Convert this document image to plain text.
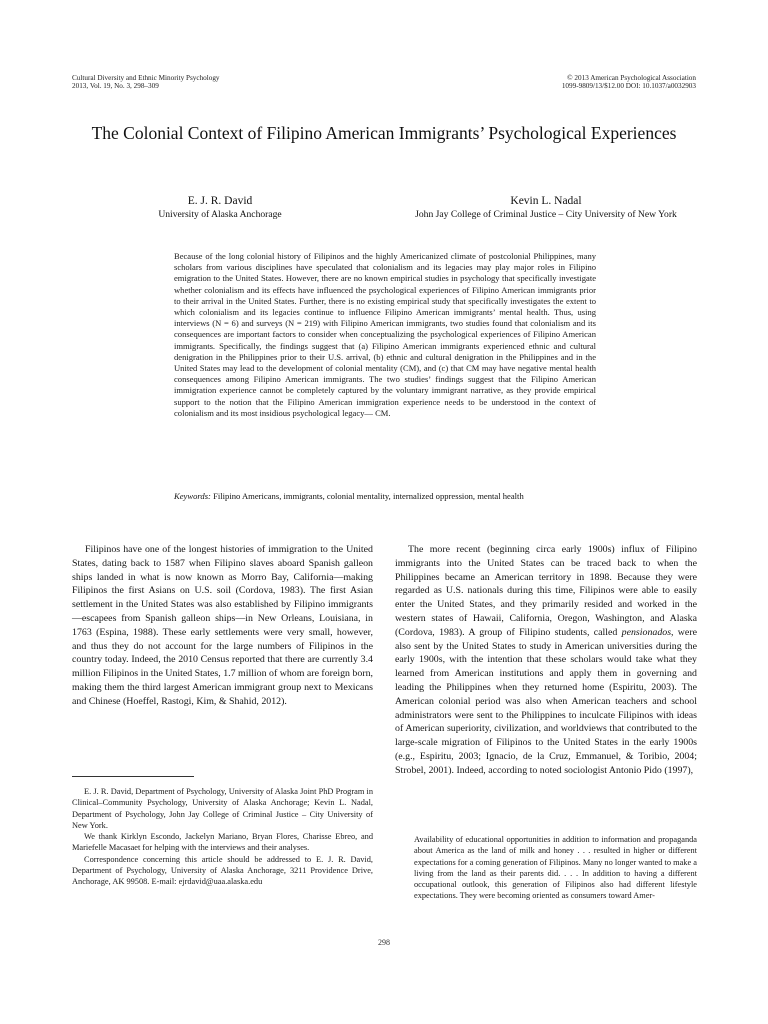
Cultural Diversity and Ethnic Minority Psychology
2013, Vol. 19, No. 3, 298–309
© 2013 American Psychological Association
1099-9809/13/$12.00 DOI: 10.1037/a0032903
The Colonial Context of Filipino American Immigrants’ Psychological Experiences
E. J. R. David
University of Alaska Anchorage
Kevin L. Nadal
John Jay College of Criminal Justice – City University of New York
Because of the long colonial history of Filipinos and the highly Americanized climate of postcolonial Philippines, many scholars from various disciplines have speculated that colonialism and its legacies may play major roles in Filipino emigration to the United States. However, there are no known empirical studies in psychology that specifically investigate whether colonialism and its effects have influenced the psychological experiences of Filipino American immigrants prior to their arrival in the United States. Further, there is no existing empirical study that specifically investigates the extent to which colonialism and its legacies continue to influence Filipino American immigrants’ mental health. Thus, using interviews (N = 6) and surveys (N = 219) with Filipino American immigrants, two studies found that colonialism and its consequences are important factors to consider when conceptualizing the psychological experiences of Filipino American immigrants. Specifically, the findings suggest that (a) Filipino American immigrants experienced ethnic and cultural denigration in the Philippines prior to their U.S. arrival, (b) ethnic and cultural denigration in the Philippines and in the United States may lead to the development of colonial mentality (CM), and (c) that CM may have negative mental health consequences among Filipino American immigrants. The two studies’ findings suggest that the Filipino American immigration experience cannot be completely captured by the voluntary immigrant narrative, as they provide empirical support to the notion that the Filipino American immigration experience needs to be understood in the context of colonialism and its most insidious psychological legacy— CM.
Keywords: Filipino Americans, immigrants, colonial mentality, internalized oppression, mental health

Filipinos have one of the longest histories of immigration to the United States, dating back to 1587 when Filipino slaves aboard Spanish galleon ships landed in what is now known as Morro Bay, California—making Filipinos the first Asians on U.S. soil (Cordova, 1983). The first Asian settlement in the United States was also established by Filipino immigrants—escapees from Spanish galleon ships—in New Orleans, Louisiana, in 1763 (Espina, 1988). These early settlements were very small, however, and thus they do not account for the large numbers of Filipinos in the country today. Indeed, the 2010 Census reported that there are currently 3.4 million Filipinos in the United States, 1.7 million of whom are foreign born, making them the third largest American immigrant group next to Mexicans and Chinese (Hoeffel, Rastogi, Kim, & Shahid, 2012).

The more recent (beginning circa early 1900s) influx of Filipino immigrants into the United States can be traced back to when the Philippines became an American territory in 1898. Because they were regarded as U.S. nationals during this time, Filipinos were able to easily enter the United States, and they primarily resided and worked in the western states of Hawaii, California, Oregon, Washington, and Alaska (Cordova, 1983). A group of Filipino students, called pensionados, were also sent by the United States to study in American universities during the early 1900s, with the intention that these scholars would take what they learned from American institutions and apply them in governing and leading the Philippines when they returned home (Espiritu, 2003). The American colonial period was also when American teachers and school administrators were sent to the Philippines to inculcate Filipinos with ideas of American superiority, civilization, and worldviews that contributed to the large-scale migration of Filipinos to the United States in the early 1900s (e.g., Espiritu, 2003; Ignacio, de la Cruz, Emmanuel, & Toribio, 2004; Strobel, 2001). Indeed, according to noted sociologist Antonio Pido (1997),

E. J. R. David, Department of Psychology, University of Alaska Joint PhD Program in Clinical–Community Psychology, University of Alaska Anchorage; Kevin L. Nadal, Department of Psychology, John Jay College of Criminal Justice – City University of New York.

We thank Kirklyn Escondo, Jackelyn Mariano, Bryan Flores, Charisse Ebreo, and Mariefelle Macasaet for helping with the interviews and their analyses.

Correspondence concerning this article should be addressed to E. J. R. David, Department of Psychology, University of Alaska Anchorage, 3211 Providence Drive, Anchorage, AK 99508. E-mail: ejrdavid@uaa.alaska.edu

Availability of educational opportunities in addition to information and propaganda about America as the land of milk and honey . . . resulted in higher or different expectations for a coming generation of Filipinos. Many no longer wanted to make a living from the land as their parents did. . . . In addition to having a different occupational outlook, this generation of Filipinos also had different lifestyle expectations. They were becoming oriented as consumers toward Amer-
298
